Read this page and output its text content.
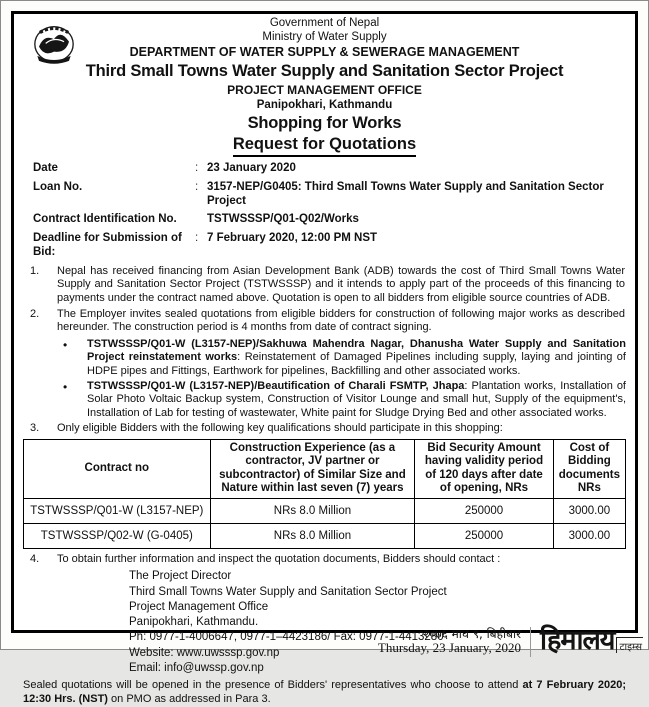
Government of Nepal
Ministry of Water Supply
DEPARTMENT OF WATER SUPPLY & SEWERAGE MANAGEMENT
Third Small Towns Water Supply and Sanitation Sector Project
PROJECT MANAGEMENT OFFICE
Panipokhari, Kathmandu
Shopping for Works
Request for Quotations
Date	: 23 January 2020
Loan No.	: 3157-NEP/G0405: Third Small Towns Water Supply and Sanitation Sector Project
Contract Identification No.	TSTWSSSP/Q01-Q02/Works
Deadline for Submission of Bid:
: 7 February 2020, 12:00 PM NST
1.	Nepal has received financing from Asian Development Bank (ADB) towards the cost of Third Small Towns Water Supply and Sanitation Sector Project (TSTWSSSP) and it intends to apply part of the proceeds of this financing to payments under the contract named above. Quotation is open to all bidders from eligible source countries of ADB.
2.	The Employer invites sealed quotations from eligible bidders for construction of following major works as described hereunder. The construction period is 4 months from date of contract signing.
•	TSTWSSSP/Q01-W (L3157-NEP)/Sakhuwa Mahendra Nagar, Dhanusha Water Supply and Sanitation Project reinstatement works: Reinstatement of Damaged Pipelines including supply, laying and jointing of HDPE pipes and Fittings, Earthwork for pipelines, Backfilling and other associated works.
•	TSTWSSSP/Q01-W (L3157-NEP)/Beautification of Charali FSMTP, Jhapa: Plantation works, Installation of Solar Photo Voltaic Backup system, Construction of Visitor Lounge and small hut, Supply of the equipment's, Installation of Lab for testing of wastewater, White paint for Sludge Drying Bed and other associated works.
3.	Only eligible Bidders with the following key qualifications should participate in this shopping:
Contract no	Construction Experience (as a contractor, JV partner or subcontractor) of Similar Size and Nature within last seven (7) years	Bid Security Amount having validity period of 120 days after date of opening, NRs	Cost of Bidding documents NRs
TSTWSSSP/Q01-W (L3157-NEP)	NRs 8.0 Million	250000	3000.00
TSTWSSSP/Q02-W (G-0405)	NRs 8.0 Million	250000	3000.00
4.	To obtain further information and inspect the quotation documents, Bidders should contact :
The Project Director
Third Small Towns Water Supply and Sanitation Sector Project
Project Management Office
Panipokhari, Kathmandu.
Ph: 0977-1-4006647, 0977-1–4423186/ Fax: 0977-1-4413280
Website: www.uwsssp.gov.np
Email: info@uwssp.gov.np
Sealed quotations will be opened in the presence of Bidders' representatives who choose to attend at 7 February 2020; 12:30 Hrs. (NST) on PMO as addressed in Para 3.
२०७६ माघ ९, बिहीबार
Thursday, 23 January, 2020 हिमालय टाइम्स
